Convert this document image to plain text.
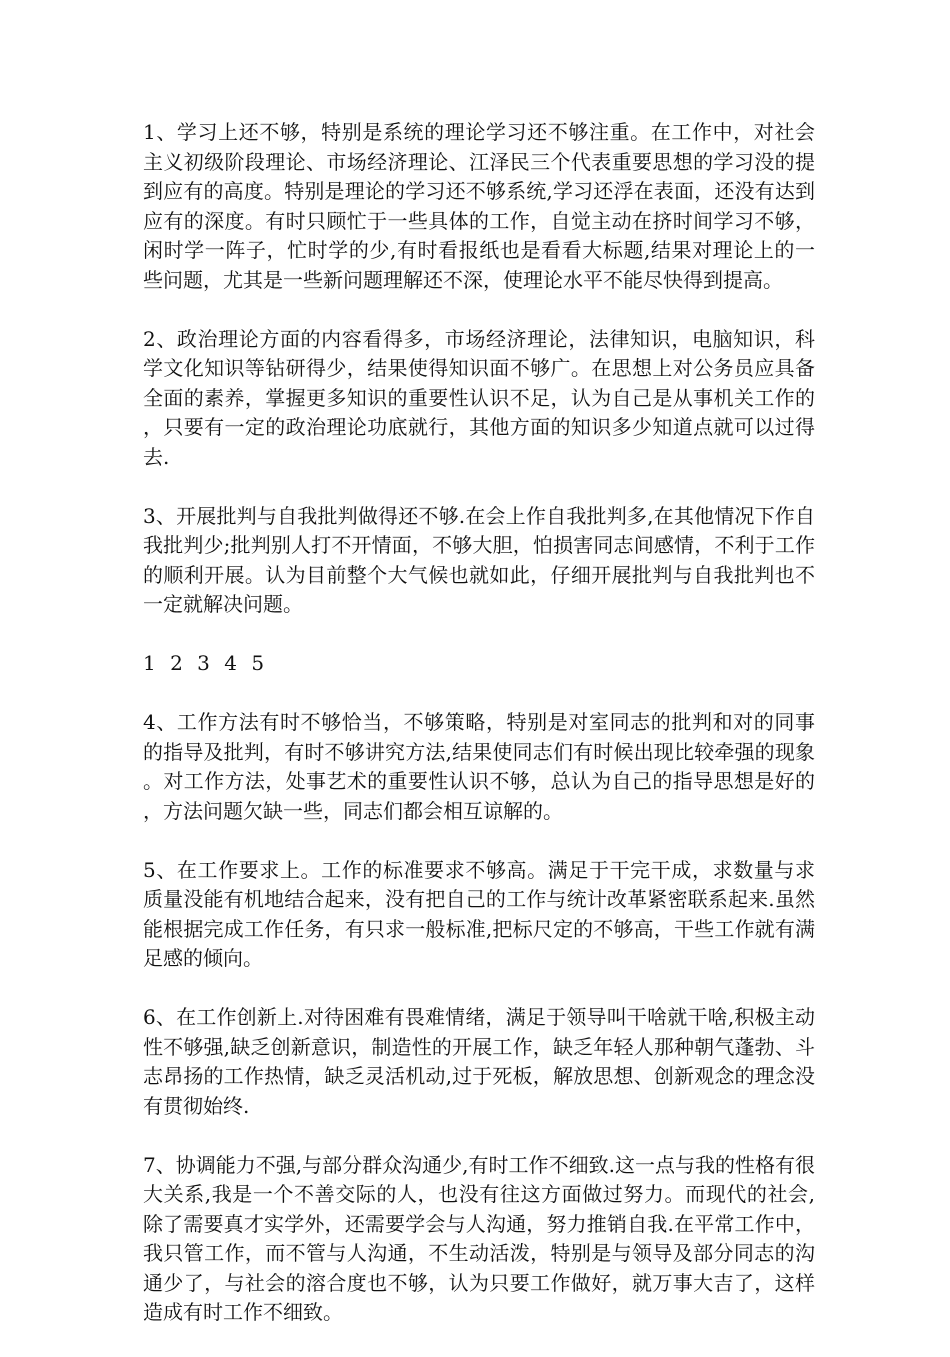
1、学习上还不够，特别是系统的理论学习还不够注重。在工作中，对社会主义初级阶段理论、市场经济理论、江泽民三个代表重要思想的学习没的提到应有的高度。特别是理论的学习还不够系统,学习还浮在表面，还没有达到应有的深度。有时只顾忙于一些具体的工作，自觉主动在挤时间学习不够，闲时学一阵子，忙时学的少,有时看报纸也是看看大标题,结果对理论上的一些问题，尤其是一些新问题理解还不深，使理论水平不能尽快得到提高。

2、政治理论方面的内容看得多，市场经济理论，法律知识，电脑知识，科学文化知识等钻研得少，结果使得知识面不够广。在思想上对公务员应具备全面的素养，掌握更多知识的重要性认识不足，认为自己是从事机关工作的，只要有一定的政治理论功底就行，其他方面的知识多少知道点就可以过得去.

3、开展批判与自我批判做得还不够.在会上作自我批判多,在其他情况下作自我批判少;批判别人打不开情面，不够大胆，怕损害同志间感情，不利于工作的顺利开展。认为目前整个大气候也就如此，仔细开展批判与自我批判也不一定就解决问题。

1 2 3 4 5

4、工作方法有时不够恰当，不够策略，特别是对室同志的批判和对的同事的指导及批判，有时不够讲究方法,结果使同志们有时候出现比较牵强的现象。对工作方法，处事艺术的重要性认识不够，总认为自己的指导思想是好的，方法问题欠缺一些，同志们都会相互谅解的。

5、在工作要求上。工作的标准要求不够高。满足于干完干成，求数量与求质量没能有机地结合起来，没有把自己的工作与统计改革紧密联系起来.虽然能根据完成工作任务，有只求一般标准,把标尺定的不够高，干些工作就有满足感的倾向。

6、在工作创新上.对待困难有畏难情绪，满足于领导叫干啥就干啥,积极主动性不够强,缺乏创新意识，制造性的开展工作，缺乏年轻人那种朝气蓬勃、斗志昂扬的工作热情，缺乏灵活机动,过于死板，解放思想、创新观念的理念没有贯彻始终.

7、协调能力不强,与部分群众沟通少,有时工作不细致.这一点与我的性格有很大关系,我是一个不善交际的人，也没有往这方面做过努力。而现代的社会,除了需要真才实学外，还需要学会与人沟通，努力推销自我.在平常工作中，我只管工作，而不管与人沟通，不生动活泼，特别是与领导及部分同志的沟通少了，与社会的溶合度也不够，认为只要工作做好，就万事大吉了，这样造成有时工作不细致。
